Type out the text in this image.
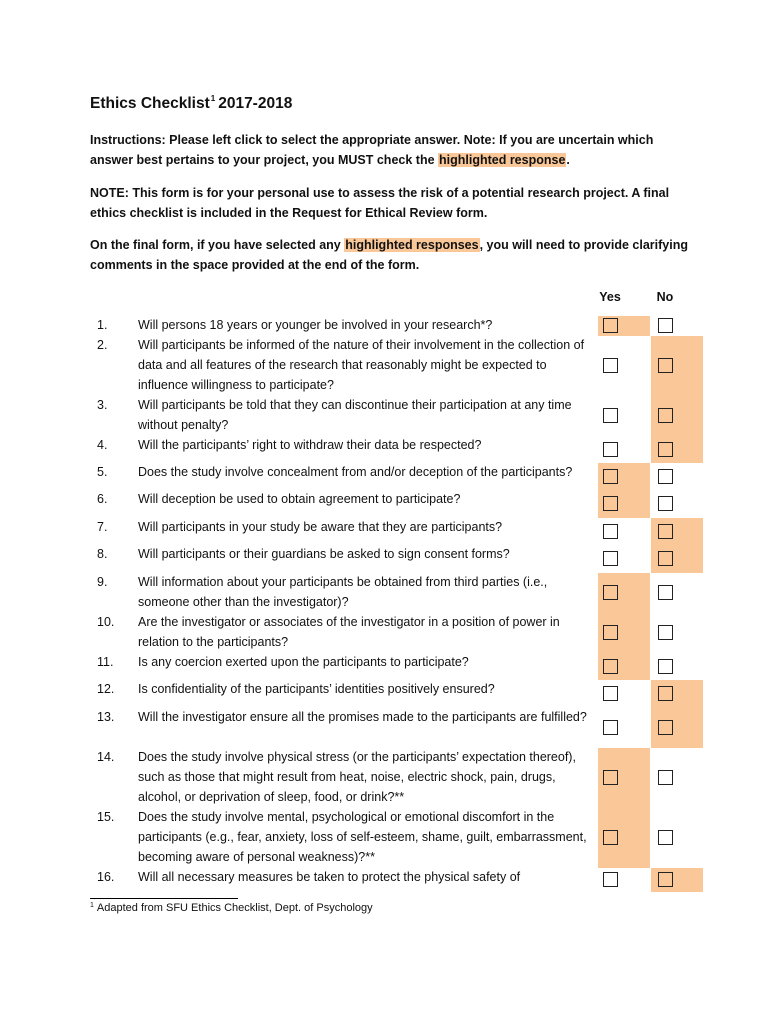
Ethics Checklist$^1$ 2017-2018
Instructions: Please left click to select the appropriate answer. Note: If you are uncertain which answer best pertains to your project, you MUST check the highlighted response.
NOTE: This form is for your personal use to assess the risk of a potential research project. A final ethics checklist is included in the Request for Ethical Review form.
On the final form, if you have selected any highlighted responses, you will need to provide clarifying comments in the space provided at the end of the form.
Yes	No
1. Will persons 18 years or younger be involved in your research*?
2. Will participants be informed of the nature of their involvement in the collection of data and all features of the research that reasonably might be expected to influence willingness to participate?
3. Will participants be told that they can discontinue their participation at any time without penalty?
4. Will the participants’ right to withdraw their data be respected?
5. Does the study involve concealment from and/or deception of the participants?
6. Will deception be used to obtain agreement to participate?
7. Will participants in your study be aware that they are participants?
8. Will participants or their guardians be asked to sign consent forms?
9. Will information about your participants be obtained from third parties (i.e., someone other than the investigator)?
10. Are the investigator or associates of the investigator in a position of power in relation to the participants?
11. Is any coercion exerted upon the participants to participate?
12. Is confidentiality of the participants’ identities positively ensured?
13. Will the investigator ensure all the promises made to the participants are fulfilled?
14. Does the study involve physical stress (or the participants’ expectation thereof), such as those that might result from heat, noise, electric shock, pain, drugs, alcohol, or deprivation of sleep, food, or drink?**
15. Does the study involve mental, psychological or emotional discomfort in the participants (e.g., fear, anxiety, loss of self-esteem, shame, guilt, embarrassment, becoming aware of personal weakness)?**
16. Will all necessary measures be taken to protect the physical safety of
$^1$ Adapted from SFU Ethics Checklist, Dept. of Psychology
